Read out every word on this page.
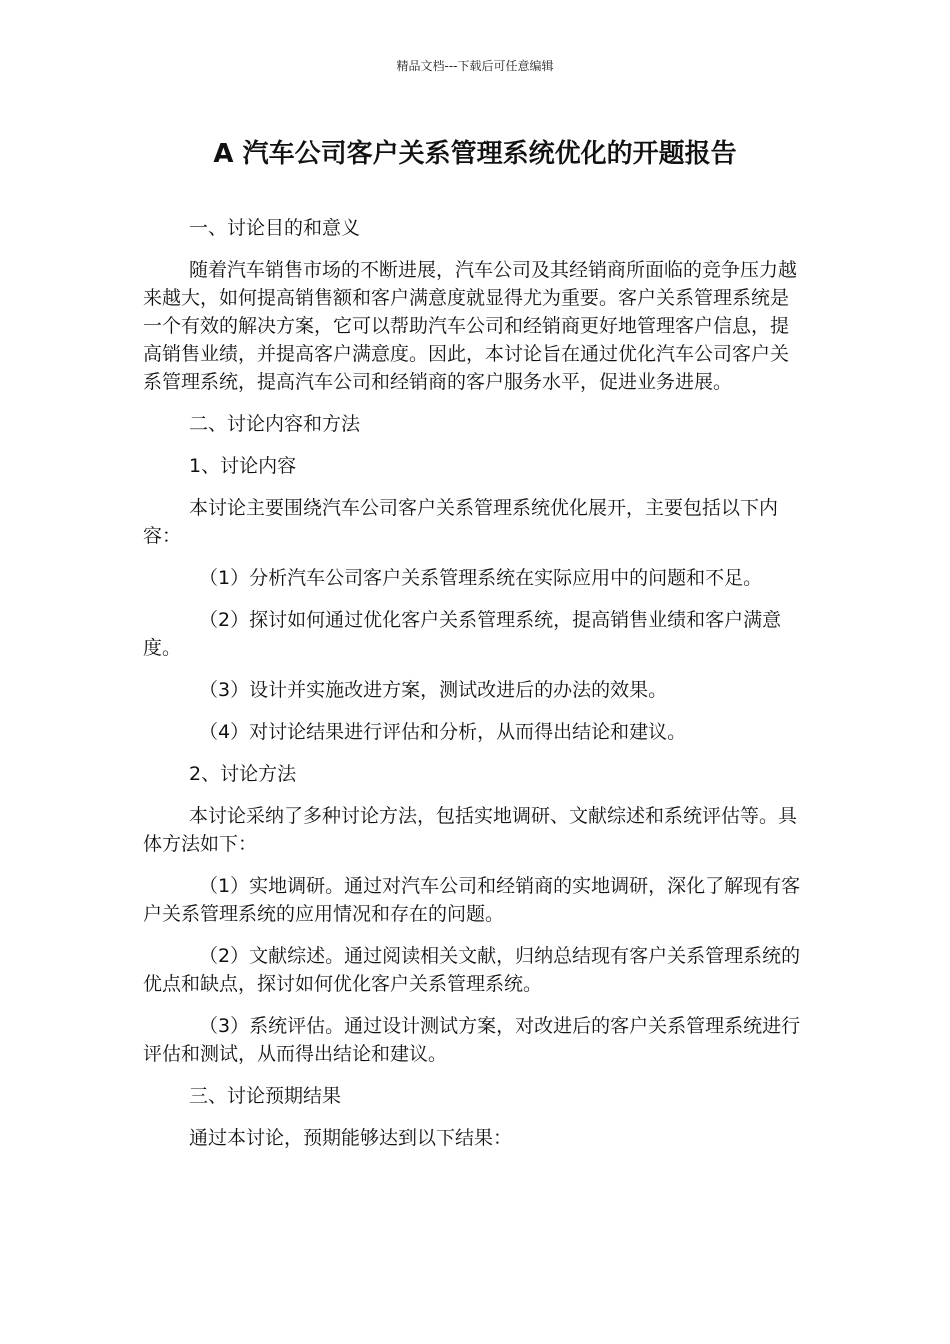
精品文档---下载后可任意编辑
A 汽车公司客户关系管理系统优化的开题报告

一、讨论目的和意义

随着汽车销售市场的不断进展，汽车公司及其经销商所面临的竞争压力越来越大，如何提高销售额和客户满意度就显得尤为重要。客户关系管理系统是一个有效的解决方案，它可以帮助汽车公司和经销商更好地管理客户信息，提高销售业绩，并提高客户满意度。因此，本讨论旨在通过优化汽车公司客户关系管理系统，提高汽车公司和经销商的客户服务水平，促进业务进展。

二、讨论内容和方法

1、讨论内容

本讨论主要围绕汽车公司客户关系管理系统优化展开，主要包括以下内容：

（1）分析汽车公司客户关系管理系统在实际应用中的问题和不足。

（2）探讨如何通过优化客户关系管理系统，提高销售业绩和客户满意度。

（3）设计并实施改进方案，测试改进后的办法的效果。

（4）对讨论结果进行评估和分析，从而得出结论和建议。

2、讨论方法

本讨论采纳了多种讨论方法，包括实地调研、文献综述和系统评估等。具体方法如下：

（1）实地调研。通过对汽车公司和经销商的实地调研，深化了解现有客户关系管理系统的应用情况和存在的问题。

（2）文献综述。通过阅读相关文献，归纳总结现有客户关系管理系统的优点和缺点，探讨如何优化客户关系管理系统。

（3）系统评估。通过设计测试方案，对改进后的客户关系管理系统进行评估和测试，从而得出结论和建议。

三、讨论预期结果

通过本讨论，预期能够达到以下结果：
